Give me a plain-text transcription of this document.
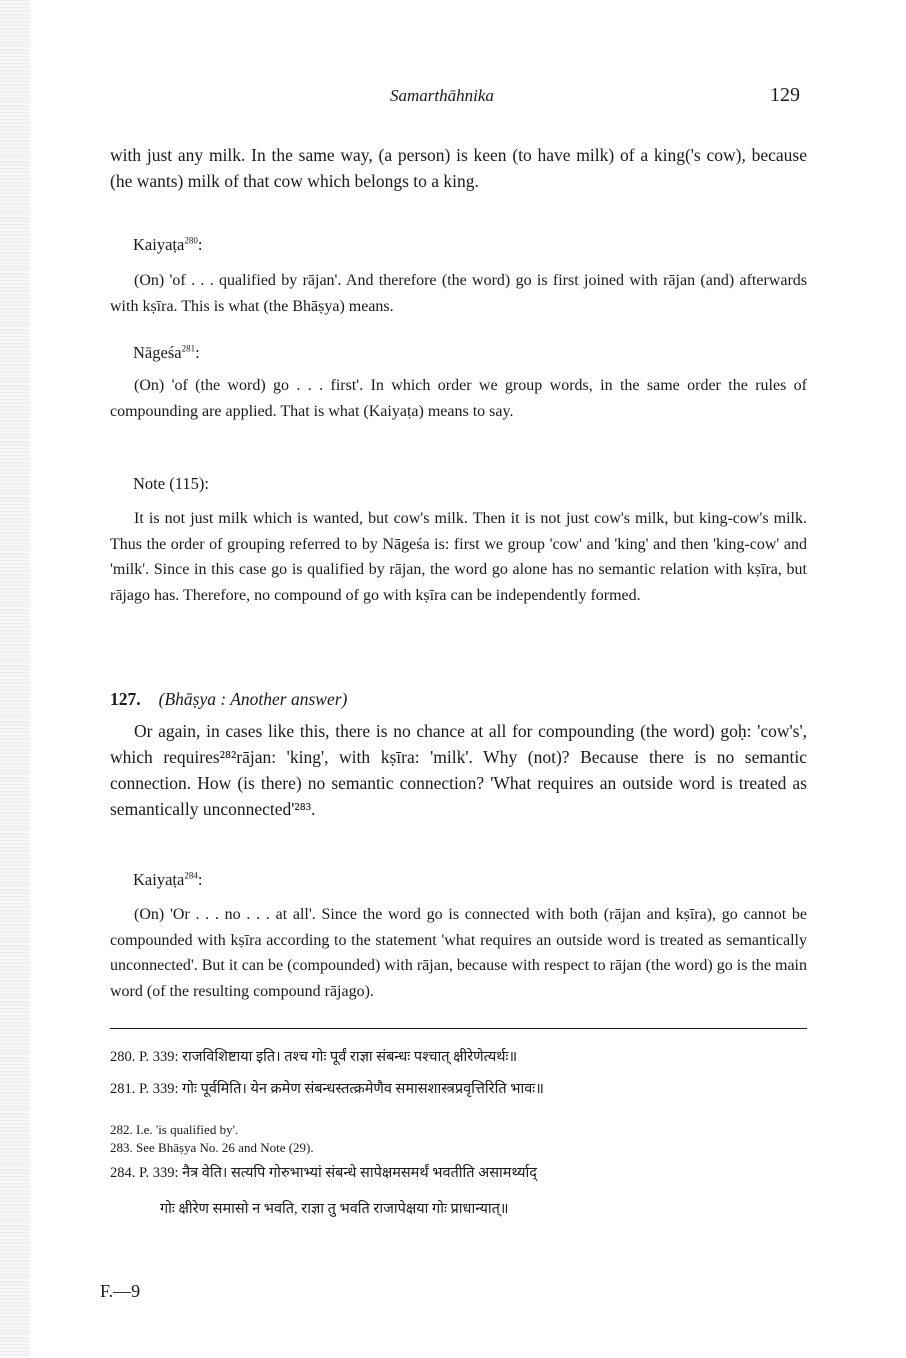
Samarthāhnika	129

with just any milk. In the same way, (a person) is keen (to have milk) of a king('s cow), because (he wants) milk of that cow which belongs to a king.

Kaiyaṭa$^{280}$:

(On) 'of . . . qualified by rājan'. And therefore (the word) go is first joined with rājan (and) afterwards with kṣīra. This is what (the Bhāṣya) means.

Nāgeśa$^{281}$:

(On) 'of (the word) go . . . first'. In which order we group words, in the same order the rules of compounding are applied. That is what (Kaiyaṭa) means to say.

Note (115):

It is not just milk which is wanted, but cow's milk. Then it is not just cow's milk, but king-cow's milk. Thus the order of grouping referred to by Nāgeśa is: first we group 'cow' and 'king' and then 'king-cow' and 'milk'. Since in this case go is qualified by rājan, the word go alone has no semantic relation with kṣīra, but rājago has. Therefore, no compound of go with kṣīra can be independently formed.

127. (Bhāṣya : Another answer)

Or again, in cases like this, there is no chance at all for compounding (the word) goḥ: 'cow's', which requires²⁸²rājan: 'king', with kṣīra: 'milk'. Why (not)? Because there is no semantic connection. How (is there) no semantic connection? 'What requires an outside word is treated as semantically unconnected'²⁸³.

Kaiyaṭa$^{284}$:

(On) 'Or . . . no . . . at all'. Since the word go is connected with both (rājan and kṣīra), go cannot be compounded with kṣīra according to the statement 'what requires an outside word is treated as semantically unconnected'. But it can be (compounded) with rājan, because with respect to rājan (the word) go is the main word (of the resulting compound rājago).

280. P. 339: राजविशिष्टाया इति। तश्च गोः पूर्वं राज्ञा संबन्धः पश्चात् क्षीरेणेत्यर्थः॥

281. P. 339: गोः पूर्वमिति। येन क्रमेण संबन्धस्तत्क्रमेणैव समासशास्त्रप्रवृत्तिरिति भावः॥

282. I.e. 'is qualified by'.

283. See Bhāṣya No. 26 and Note (29).

284. P. 339: नैत्र वेति। सत्यपि गोरुभाभ्यां संबन्धे सापेक्षमसमर्थं भवतीति असामर्थ्याद्

गोः क्षीरेण समासो न भवति, राज्ञा तु भवति राजापेक्षया गोः प्राधान्यात्॥

F.—9
